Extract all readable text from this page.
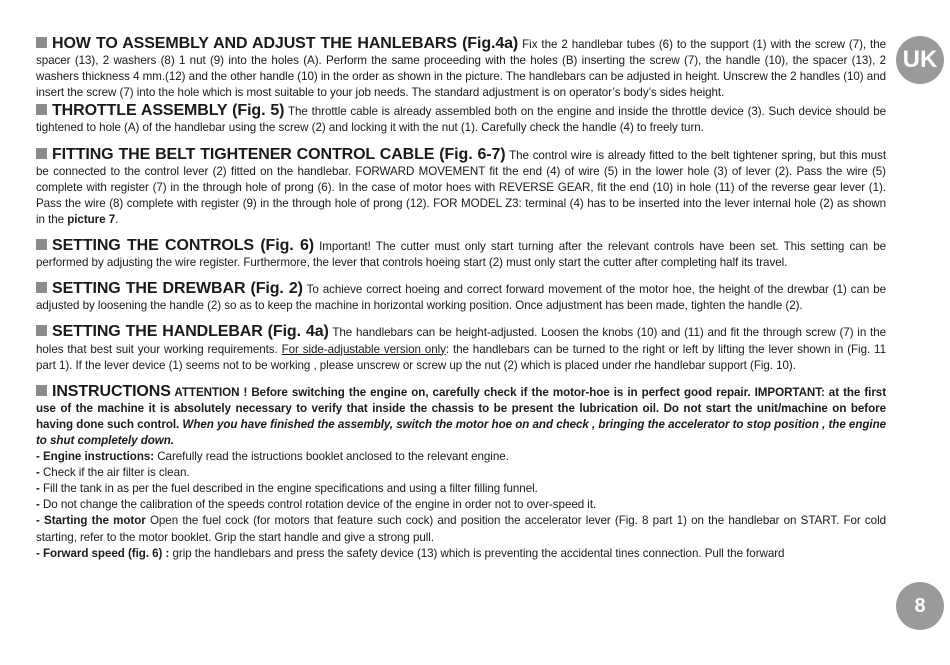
UK
8

HOW TO ASSEMBLY AND ADJUST THE HANLEBARS (Fig.4a) Fix the 2 handlebar tubes (6) to the support (1) with the screw (7), the spacer (13), 2 washers (8) 1 nut (9) into the holes (A). Perform the same proceeding with the holes (B) inserting the screw (7), the handle (10), the spacer (13), 2 washers thickness 4 mm.(12) and the other handle (10) in the order as shown in the picture. The handlebars can be adjusted in height. Unscrew the 2 handles (10) and insert the screw (7) into the hole which is most suitable to your job needs. The standard adjustment is on operator’s body’s sides height.

THROTTLE ASSEMBLY (Fig. 5) The throttle cable is already assembled both on the engine and inside the throttle device (3). Such device should be tightened to hole (A) of the handlebar using the screw (2) and locking it with the nut (1). Carefully check the handle (4) to freely turn.

FITTING THE BELT TIGHTENER CONTROL CABLE (Fig. 6-7) The control wire is already fitted to the belt tightener spring, but this must be connected to the control lever (2) fitted on the handlebar. FORWARD MOVEMENT fit the end (4) of wire (5) in the lower hole (3) of lever (2). Pass the wire (5) complete with register (7) in the through hole of prong (6). In the case of motor hoes with REVERSE GEAR, fit the end (10) in hole (11) of the reverse gear lever (1). Pass the wire (8) complete with register (9) in the through hole of prong (12). FOR MODEL Z3: terminal (4) has to be inserted into the lever internal hole (2) as shown in the picture 7.

SETTING THE CONTROLS (Fig. 6) Important! The cutter must only start turning after the relevant controls have been set. This setting can be performed by adjusting the wire register. Furthermore, the lever that controls hoeing start (2) must only start the cutter after completing half its travel.

SETTING THE DREWBAR (Fig. 2) To achieve correct hoeing and correct forward movement of the motor hoe, the height of the drewbar (1) can be adjusted by loosening the handle (2) so as to keep the machine in horizontal working position. Once adjustment has been made, tighten the handle (2).

SETTING THE HANDLEBAR (Fig. 4a) The handlebars can be height-adjusted. Loosen the knobs (10) and (11) and fit the through screw (7) in the holes that best suit your working requirements. For side-adjustable version only: the handlebars can be turned to the right or left by lifting the lever shown in (Fig. 11 part 1). If the lever device (1) seems not to be working , please unscrew or screw up the nut (2) which is placed under rhe handlebar support (Fig. 10).

INSTRUCTIONS ATTENTION ! Before switching the engine on, carefully check if the motor-hoe is in perfect good repair. IMPORTANT: at the first use of the machine it is absolutely necessary to verify that inside the chassis to be present the lubrication oil. Do not start the unit/machine on before having done such control. When you have finished the assembly, switch the motor hoe on and check , bringing the accelerator to stop position , the engine to shut completely down.
- Engine instructions: Carefully read the istructions booklet anclosed to the relevant engine.
- Check if the air filter is clean.
- Fill the tank in as per the fuel described in the engine specifications and using a filter filling funnel.
- Do not change the calibration of the speeds control rotation device of the engine in order not to over-speed it.
- Starting the motor Open the fuel cock (for motors that feature such cock) and position the accelerator lever (Fig. 8 part 1) on the handlebar on START. For cold starting, refer to the motor booklet. Grip the start handle and give a strong pull.
- Forward speed (fig. 6) : grip the handlebars and press the safety device (13) which is preventing the accidental tines connection. Pull the forward
